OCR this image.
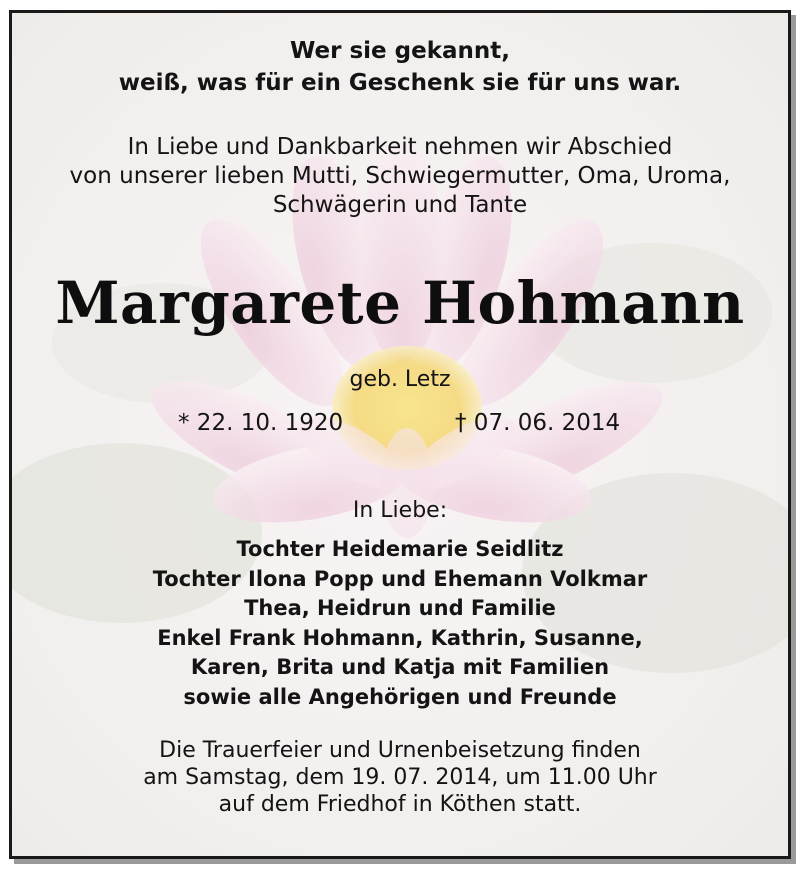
Wer sie gekannt,
weiß, was für ein Geschenk sie für uns war.
In Liebe und Dankbarkeit nehmen wir Abschied
von unserer lieben Mutti, Schwiegermutter, Oma, Uroma,
Schwägerin und Tante
Margarete Hohmann
geb. Letz
* 22. 10. 1920	† 07. 06. 2014
In Liebe:
Tochter Heidemarie Seidlitz
Tochter Ilona Popp und Ehemann Volkmar
Thea, Heidrun und Familie
Enkel Frank Hohmann, Kathrin, Susanne,
Karen, Brita und Katja mit Familien
sowie alle Angehörigen und Freunde
Die Trauerfeier und Urnenbeisetzung finden
am Samstag, dem 19. 07. 2014, um 11.00 Uhr
auf dem Friedhof in Köthen statt.
